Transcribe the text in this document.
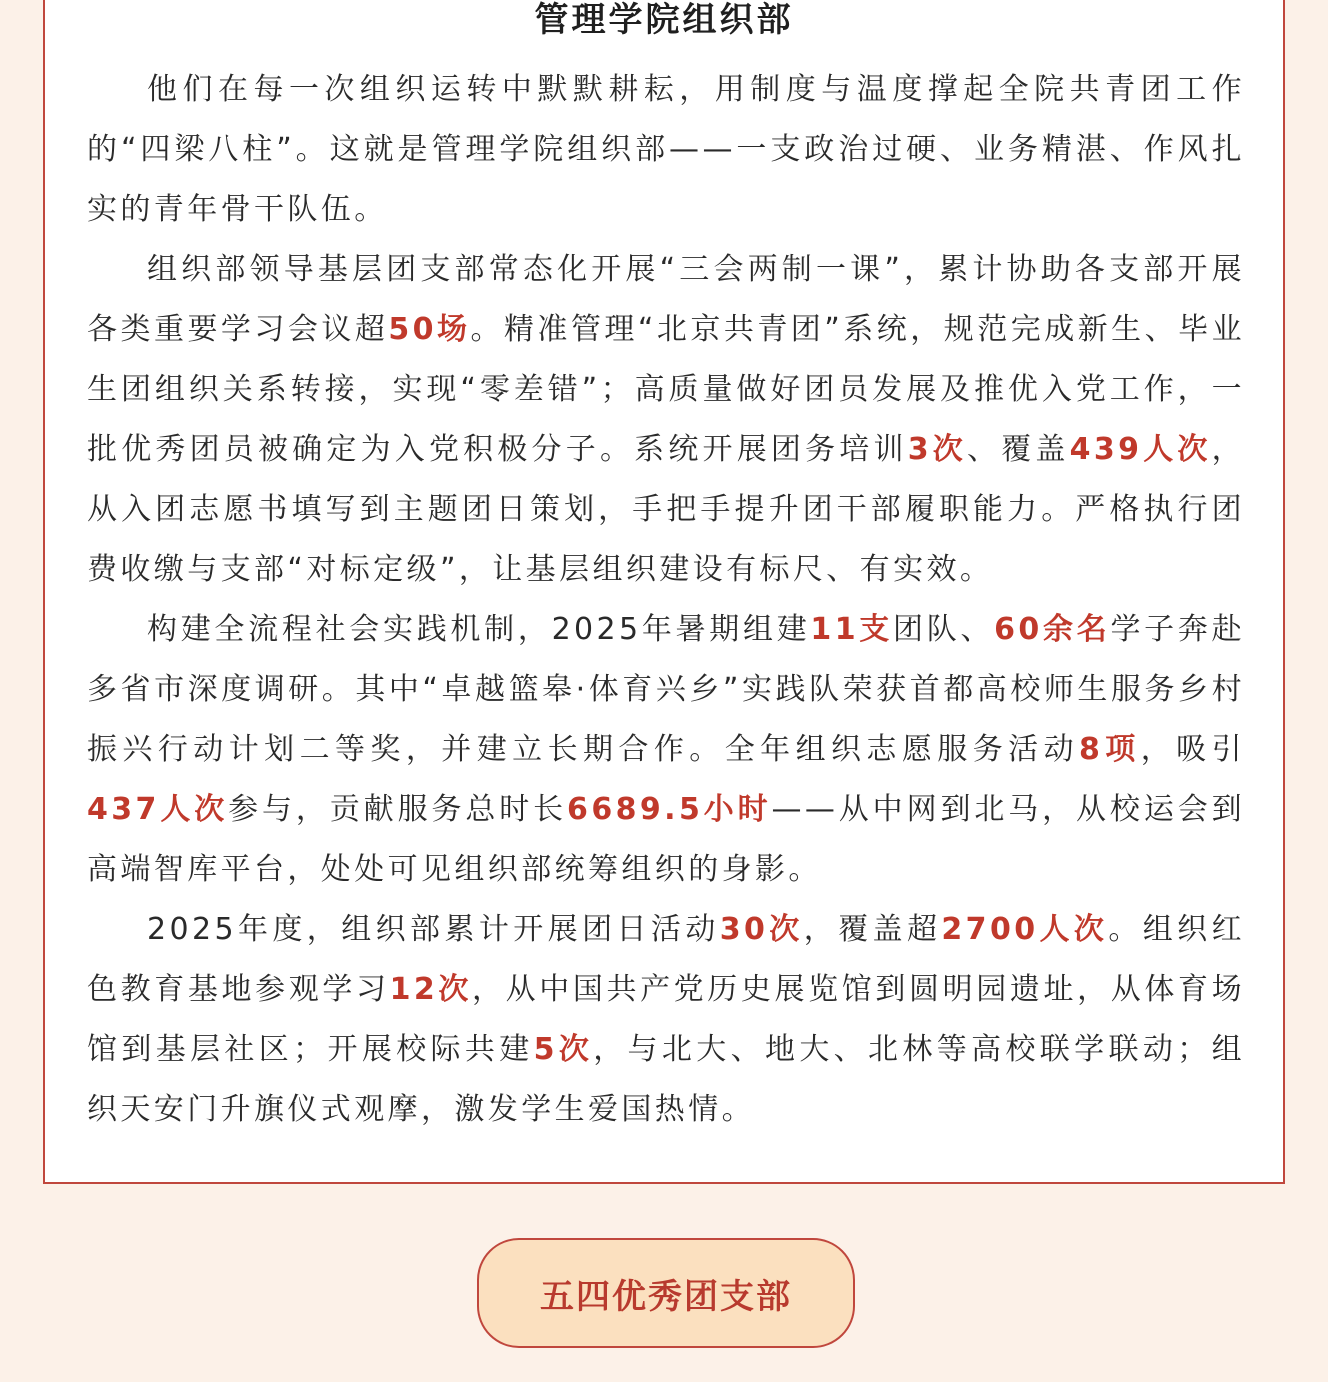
管理学院组织部

他们在每一次组织运转中默默耕耘，用制度与温度撑起全院共青团工作的“四梁八柱”。这就是管理学院组织部——一支政治过硬、业务精湛、作风扎实的青年骨干队伍。

组织部领导基层团支部常态化开展“三会两制一课”，累计协助各支部开展各类重要学习会议超50场。精准管理“北京共青团”系统，规范完成新生、毕业生团组织关系转接，实现“零差错”；高质量做好团员发展及推优入党工作，一批优秀团员被确定为入党积极分子。系统开展团务培训3次、覆盖439人次，从入团志愿书填写到主题团日策划，手把手提升团干部履职能力。严格执行团费收缴与支部“对标定级”，让基层组织建设有标尺、有实效。

构建全流程社会实践机制，2025年暑期组建11支团队、60余名学子奔赴多省市深度调研。其中“卓越篮皋·体育兴乡”实践队荣获首都高校师生服务乡村振兴行动计划二等奖，并建立长期合作。全年组织志愿服务活动8项，吸引437人次参与，贡献服务总时长6689.5小时——从中网到北马，从校运会到高端智库平台，处处可见组织部统筹组织的身影。

2025年度，组织部累计开展团日活动30次，覆盖超2700人次。组织红色教育基地参观学习12次，从中国共产党历史展览馆到圆明园遗址，从体育场馆到基层社区；开展校际共建5次，与北大、地大、北林等高校联学联动；组织天安门升旗仪式观摩，激发学生爱国热情。

五四优秀团支部
